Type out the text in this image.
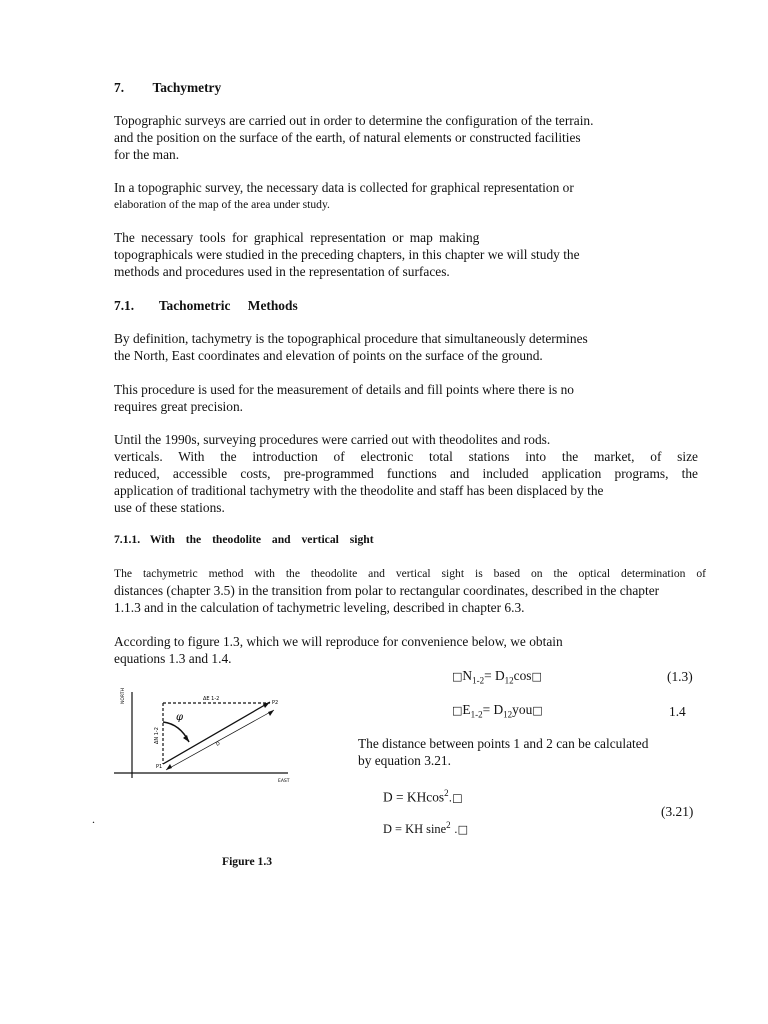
7. Tachymetry
Topographic surveys are carried out in order to determine the configuration of the terrain.
and the position on the surface of the earth, of natural elements or constructed facilities
for the man.
In a topographic survey, the necessary data is collected for graphical representation or
elaboration of the map of the area under study.
The necessary tools for graphical representation or map making
topographicals were studied in the preceding chapters, in this chapter we will study the
methods and procedures used in the representation of surfaces.
7.1. Tachometric Methods
By definition, tachymetry is the topographical procedure that simultaneously determines
the North, East coordinates and elevation of points on the surface of the ground.
This procedure is used for the measurement of details and fill points where there is no
requires great precision.
Until the 1990s, surveying procedures were carried out with theodolites and rods.
verticals. With the introduction of electronic total stations into the market, of size
reduced, accessible costs, pre-programmed functions and included application programs, the
application of traditional tachymetry with the theodolite and staff has been displaced by the
use of these stations.
7.1.1. With the theodolite and vertical sight
The tachymetric method with the theodolite and vertical sight is based on the optical determination of
distances (chapter 3.5) in the transition from polar to rectangular coordinates, described in the chapter
1.1.3 and in the calculation of tachymetric leveling, described in chapter 6.3.
According to figure 1.3, which we will reproduce for convenience below, we obtain
equations 1.3 and 1.4.
$□N_{1-2}=$ $D_{12}\cos□$	(1.3)
$□E_{1-2}=$ $D_{12}you□$	1.4
The distance between points 1 and 2 can be calculated
by equation 3.21.
D = KHcos$^2$.□
(3.21)
D = KH sine$^2$ .□
.
NORTH
EAST
φ
D
ΔE 1-2
ΔN 1-2
P2
P1
Figure 1.3
